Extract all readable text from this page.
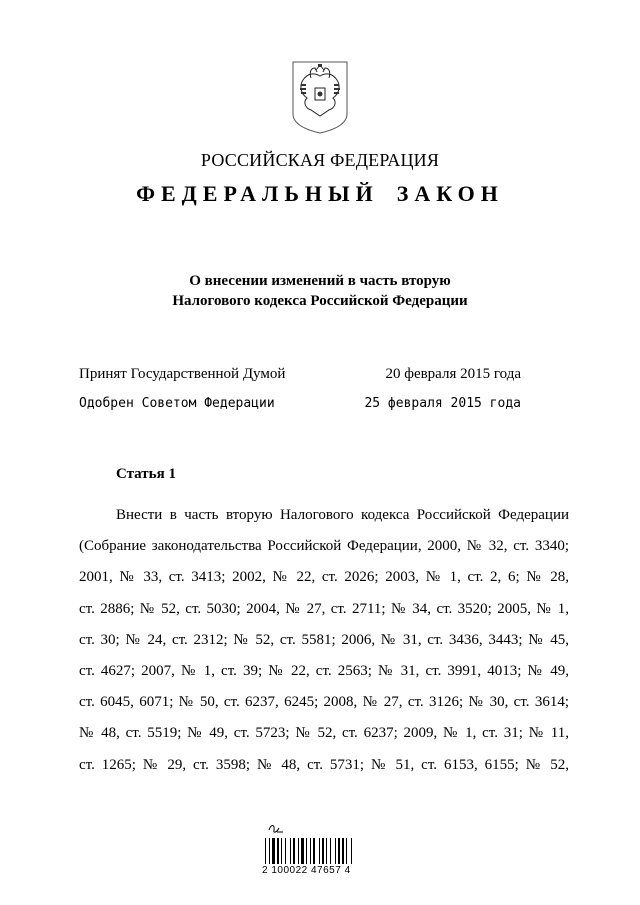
РОССИЙСКАЯ ФЕДЕРАЦИЯ
ФЕДЕРАЛЬНЫЙ ЗАКОН
О внесении изменений в часть вторую
Налогового кодекса Российской Федерации
Принят Государственной Думой	20 февраля 2015 года
Одобрен Советом Федерации	25 февраля 2015 года
Статья 1
Внести в часть вторую Налогового кодекса Российской Федерации
(Собрание законодательства Российской Федерации, 2000, № 32, ст. 3340;
2001, № 33, ст. 3413; 2002, № 22, ст. 2026; 2003, № 1, ст. 2, 6; № 28,
ст. 2886; № 52, ст. 5030; 2004, № 27, ст. 2711; № 34, ст. 3520; 2005, № 1,
ст. 30; № 24, ст. 2312; № 52, ст. 5581; 2006, № 31, ст. 3436, 3443; № 45,
ст. 4627; 2007, № 1, ст. 39; № 22, ст. 2563; № 31, ст. 3991, 4013; № 49,
ст. 6045, 6071; № 50, ст. 6237, 6245; 2008, № 27, ст. 3126; № 30, ст. 3614;
№ 48, ст. 5519; № 49, ст. 5723; № 52, ст. 6237; 2009, № 1, ст. 31; № 11,
ст. 1265; № 29, ст. 3598; № 48, ст. 5731; № 51, ст. 6153, 6155; № 52,
2 100022 47657 4
